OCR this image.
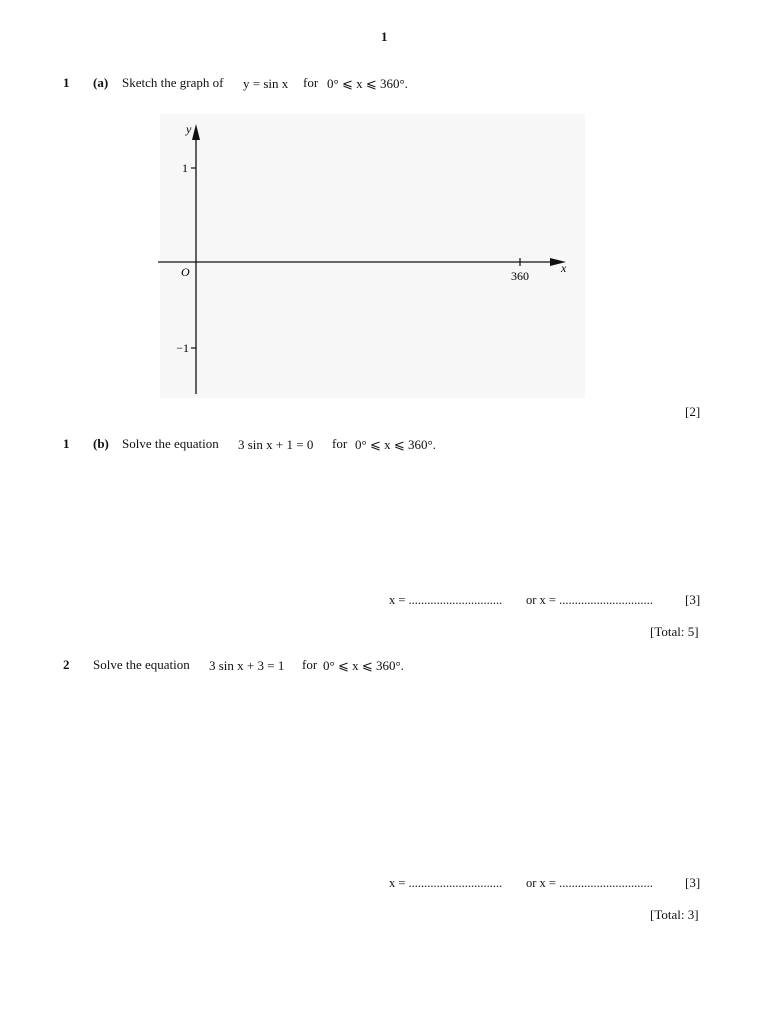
1
1 (a) Sketch the graph of y = sin x for 0° ⩽ x ⩽ 360°.
y
x
O
1
−1
360
[2]
1 (b) Solve the equation 3 sin x + 1 = 0 for 0° ⩽ x ⩽ 360°.
x = .............................. or x = .............................. [3]
[Total: 5]
2 Solve the equation 3 sin x + 3 = 1 for 0° ⩽ x ⩽ 360°.
x = .............................. or x = .............................. [3]
[Total: 3]
